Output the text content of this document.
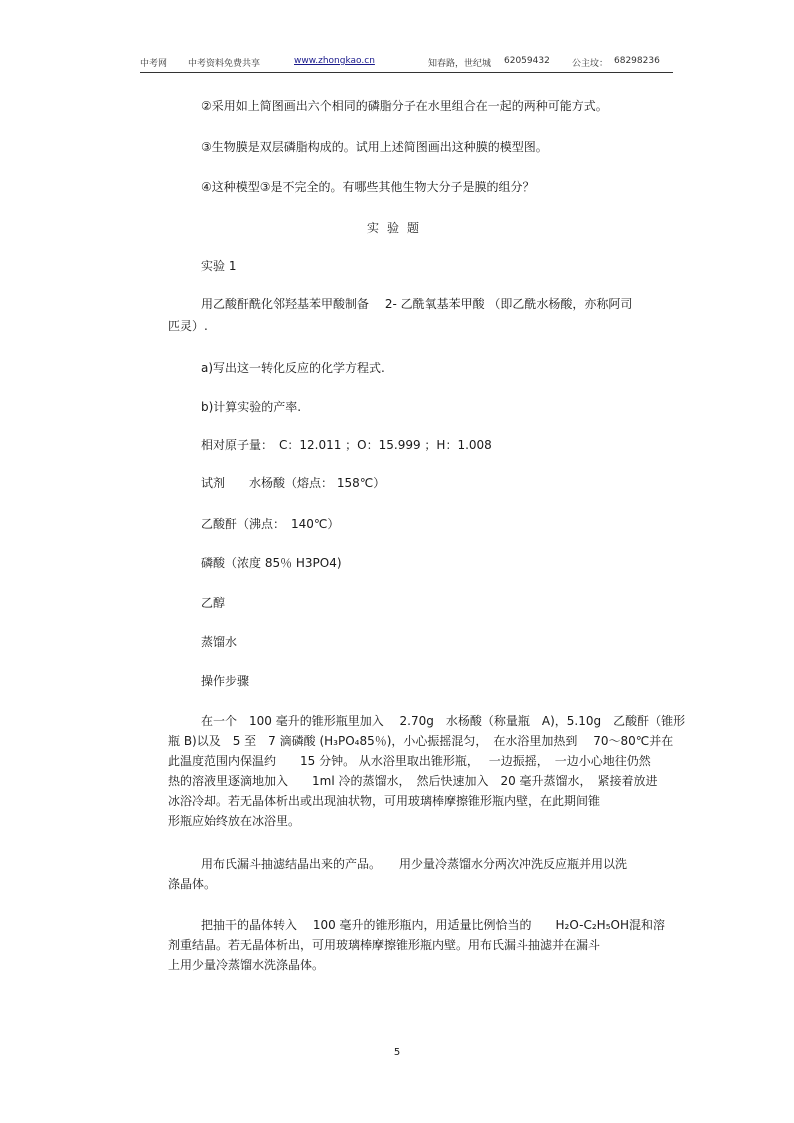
中考网 中考资料免费共享	www.zhongkao.cn	知春路，世纪城 62059432 公主坟： 68298236
②采用如上简图画出六个相同的磷脂分子在水里组合在一起的两种可能方式。
③生物膜是双层磷脂构成的。试用上述简图画出这种膜的模型图。
④这种模型③是不完全的。有哪些其他生物大分子是膜的组分？
实验题
实验 1
用乙酸酐酰化邻羟基苯甲酸制备　 2- 乙酰氧基苯甲酸 （即乙酰水杨酸，亦称阿司
匹灵）.
a)写出这一转化反应的化学方程式.
b)计算实验的产率.
相对原子量：　C：12.011 ；O：15.999 ；H：1.008
试剂　　水杨酸（熔点： 158℃）
乙酸酐（沸点：　140℃）
磷酸（浓度 85％ H3PO4)
乙醇
蒸馏水
操作步骤
在一个　100 毫升的锥形瓶里加入　 2.70g　水杨酸（称量瓶　A)，5.10g　乙酸酐（锥形
瓶 B)以及　5 至　7 滴磷酸 (H₃PO₄85％)，小心振摇混匀，　在水浴里加热到　 70～80℃并在
此温度范围内保温约　　15 分钟。 从水浴里取出锥形瓶，　 一边振摇，　一边小心地往仍然
热的溶液里逐滴地加入　　1ml 冷的蒸馏水，　然后快速加入　20 毫升蒸馏水，　紧接着放进
冰浴冷却。若无晶体析出或出现油状物，可用玻璃棒摩擦锥形瓶内壁，在此期间锥
形瓶应始终放在冰浴里。
用布氏漏斗抽滤结晶出来的产品。　　用少量冷蒸馏水分两次冲洗反应瓶并用以洗
涤晶体。
把抽干的晶体转入　 100 毫升的锥形瓶内，用适量比例恰当的　　H₂O-C₂H₅OH混和溶
剂重结晶。若无晶体析出，可用玻璃棒摩擦锥形瓶内壁。用布氏漏斗抽滤并在漏斗
上用少量冷蒸馏水洗涤晶体。
5
